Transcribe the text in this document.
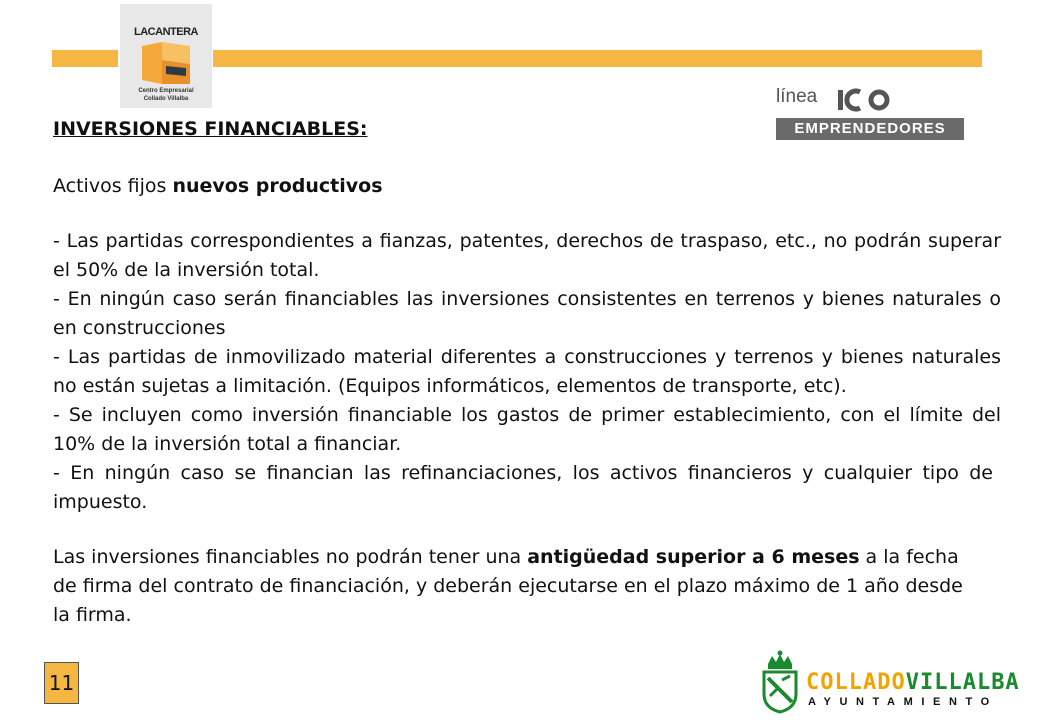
LACANTERA
Centro Empresarial
Collado Villalba	línea
EMPRENDEDORES

INVERSIONES FINANCIABLES:

Activos fijos nuevos productivos

- Las partidas correspondientes a fianzas, patentes, derechos de traspaso, etc., no podrán superar el 50% de la inversión total.

- En ningún caso serán financiables las inversiones consistentes en terrenos y bienes naturales o en construcciones

- Las partidas de inmovilizado material diferentes a construcciones y terrenos y bienes naturales no están sujetas a limitación. (Equipos informáticos, elementos de transporte, etc).

- Se incluyen como inversión financiable los gastos de primer establecimiento, con el límite del 10% de la inversión total a financiar.

- En ningún caso se financian las refinanciaciones, los activos financieros y cualquier tipo de impuesto.

Las inversiones financiables no podrán tener una antigüedad superior a 6 meses a la fecha de firma del contrato de financiación, y deberán ejecutarse en el plazo máximo de 1 año desde la firma.

11	COLLADOVILLALBA
AYUNTAMIENTO
